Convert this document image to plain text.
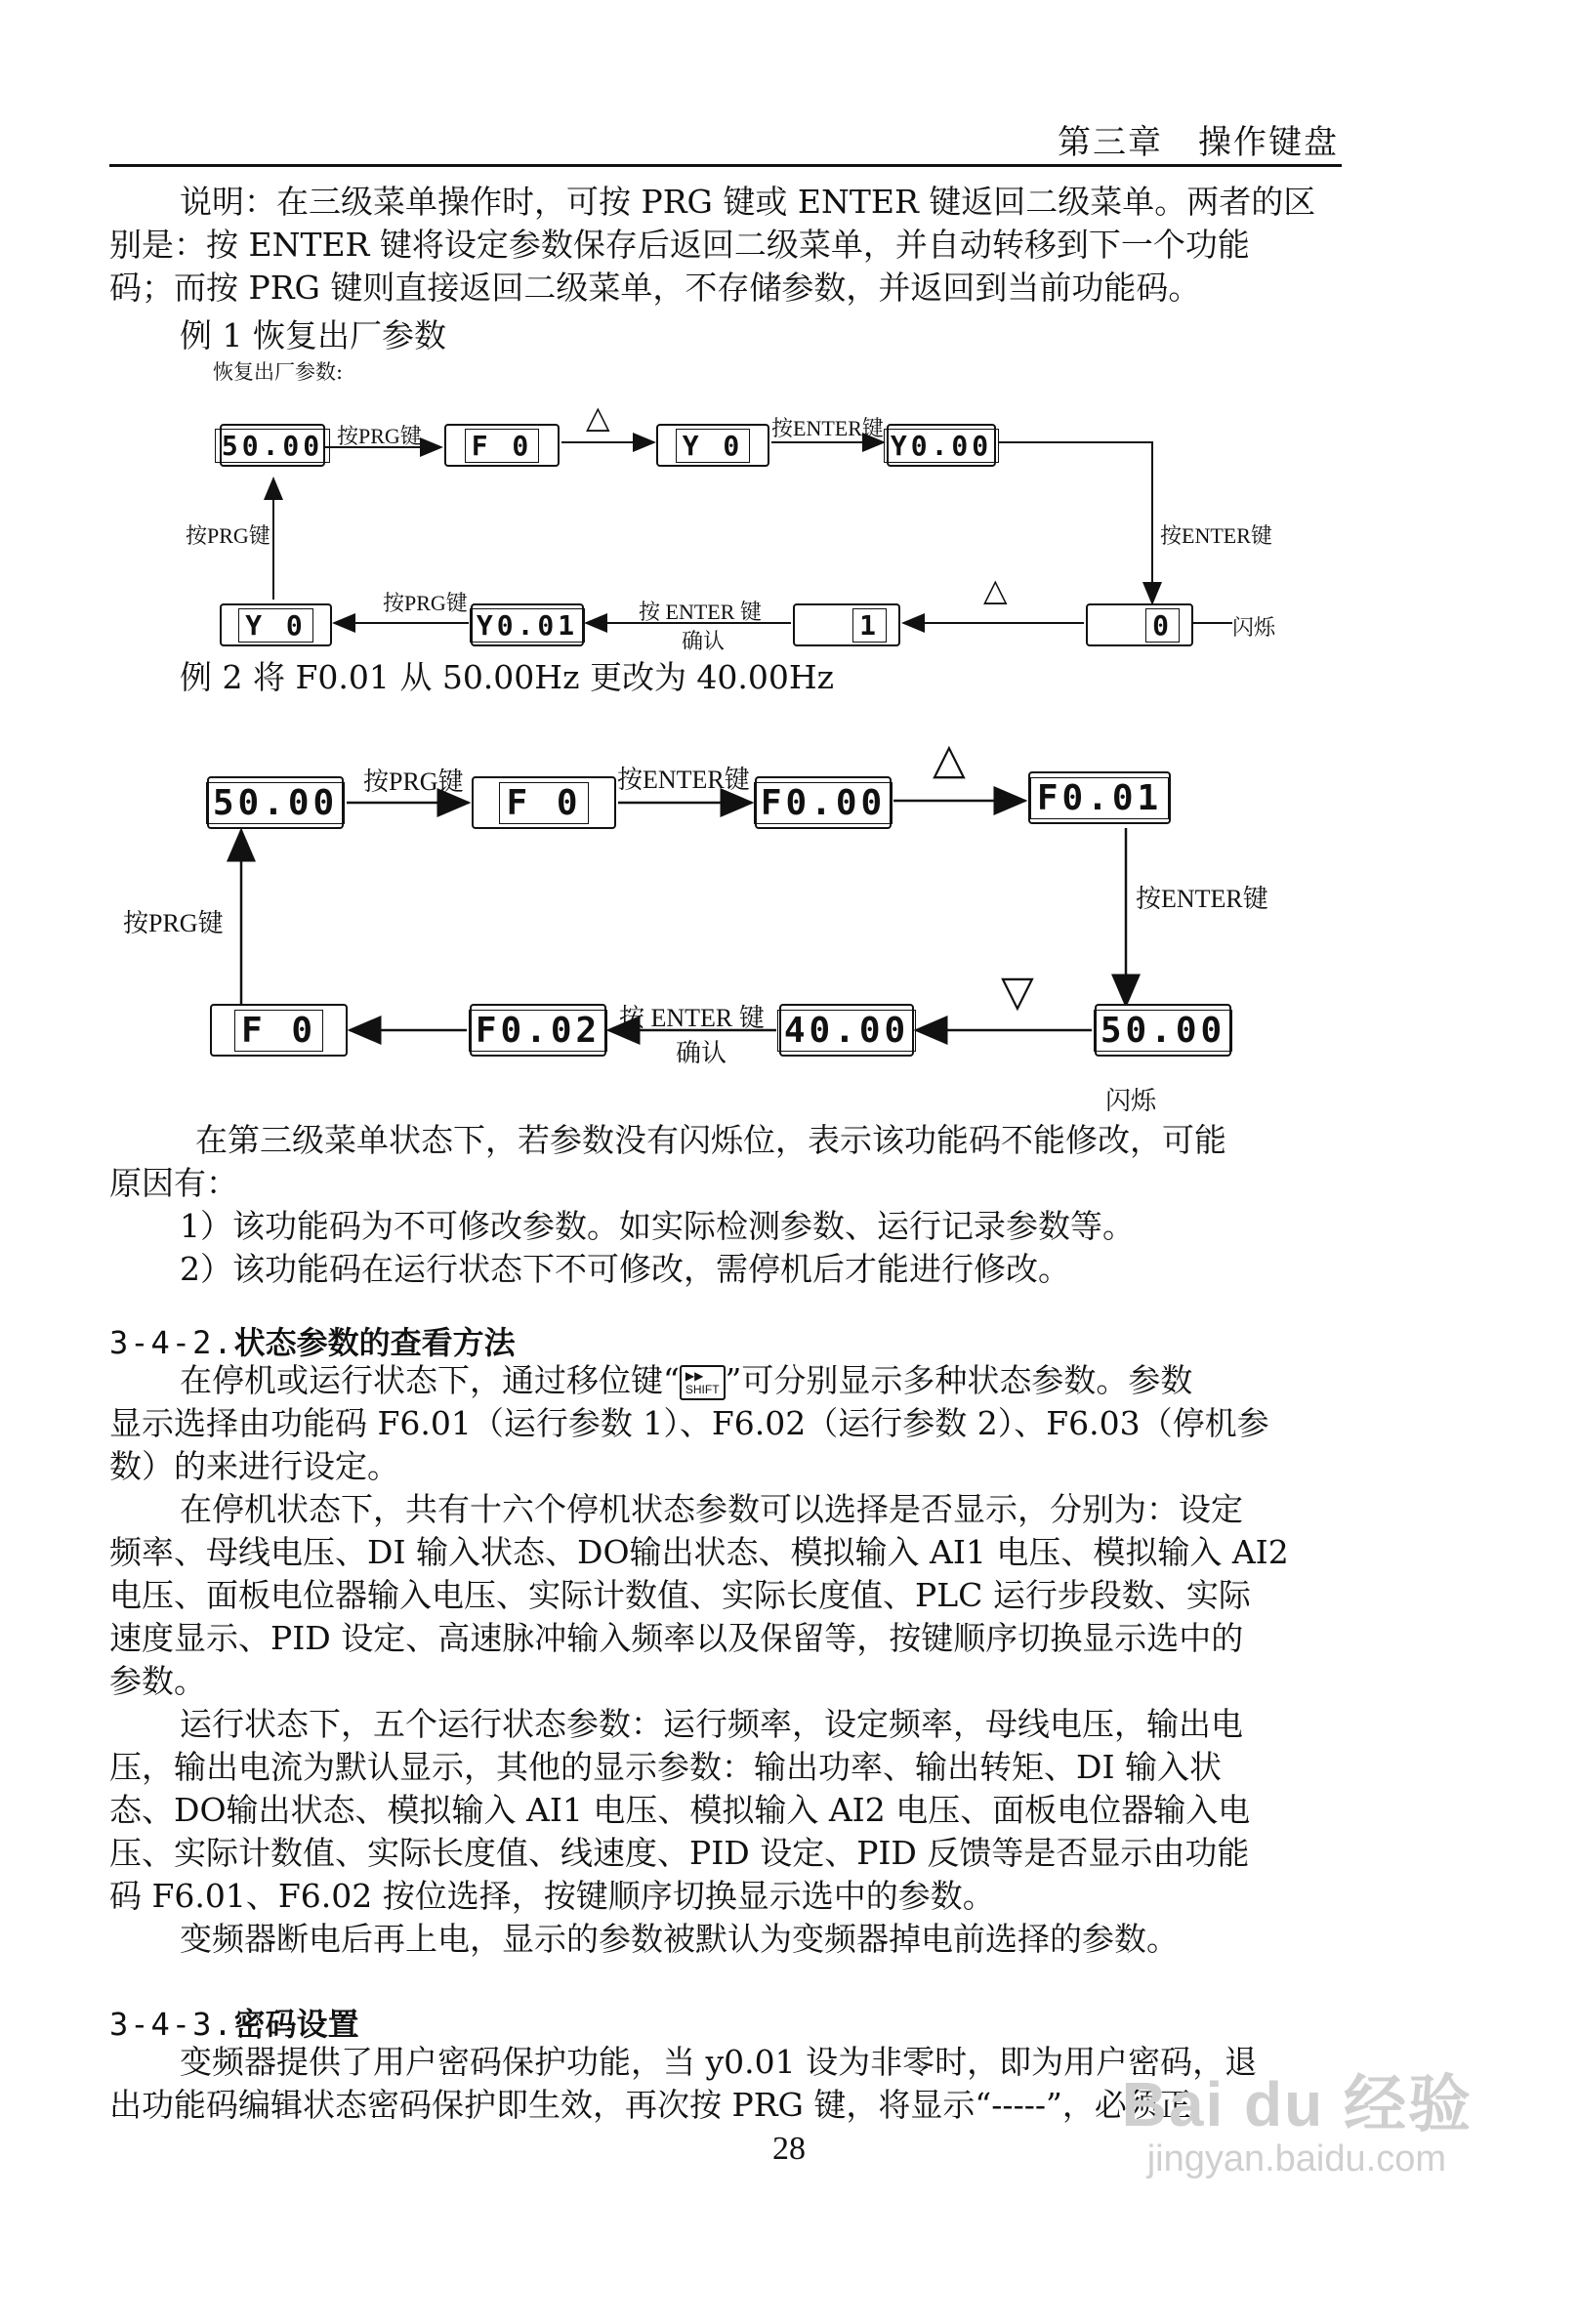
第三章　操作键盘

说明：在三级菜单操作时，可按 PRG 键或 ENTER 键返回二级菜单。两者的区

别是：按 ENTER 键将设定参数保存后返回二级菜单，并自动转移到下一个功能

码；而按 PRG 键则直接返回二级菜单，不存储参数，并返回到当前功能码。

例 1 恢复出厂参数
恢复出厂参数:
50.00	F 0	Y 0	Y0.00
0
1
Y0.01
Y 0
按PRG键
△	按ENTER键
按ENTER键
闪烁
△
按 ENTER 键
确认
按PRG键
按PRG键
例 2 将 F0.01 从 50.00Hz 更改为 40.00Hz
50.00	F 0	F0.00	F0.01
50.00
40.00
F0.02
F 0
按PRG键	按ENTER键	△
按ENTER键
▽
闪烁
按 ENTER 键
确认
按PRG键

在第三级菜单状态下，若参数没有闪烁位，表示该功能码不能修改，可能

原因有：

1）该功能码为不可修改参数。如实际检测参数、运行记录参数等。

2）该功能码在运行状态下不可修改，需停机后才能进行修改。

3-4-2.状态参数的查看方法

在停机或运行状态下，通过移位键“ ▶▶
SHIFT ”可分别显示多种状态参数。参数

显示选择由功能码 F6.01（运行参数 1）、F6.02（运行参数 2）、F6.03（停机参

数）的来进行设定。

在停机状态下，共有十六个停机状态参数可以选择是否显示，分别为：设定

频率、母线电压、DI 输入状态、DO输出状态、模拟输入 AI1 电压、模拟输入 AI2

电压、面板电位器输入电压、实际计数值、实际长度值、PLC 运行步段数、实际

速度显示、PID 设定、高速脉冲输入频率以及保留等，按键顺序切换显示选中的

参数。

运行状态下，五个运行状态参数：运行频率，设定频率，母线电压，输出电

压，输出电流为默认显示，其他的显示参数：输出功率、输出转矩、DI 输入状

态、DO输出状态、模拟输入 AI1 电压、模拟输入 AI2 电压、面板电位器输入电

压、实际计数值、实际长度值、线速度、PID 设定、PID 反馈等是否显示由功能

码 F6.01、F6.02 按位选择，按键顺序切换显示选中的参数。

变频器断电后再上电，显示的参数被默认为变频器掉电前选择的参数。

3-4-3.密码设置

变频器提供了用户密码保护功能，当 y0.01 设为非零时，即为用户密码，退

出功能码编辑状态密码保护即生效，再次按 PRG 键，将显示“-----”，必须正

28
Bai du 经验
jingyan.baidu.com
